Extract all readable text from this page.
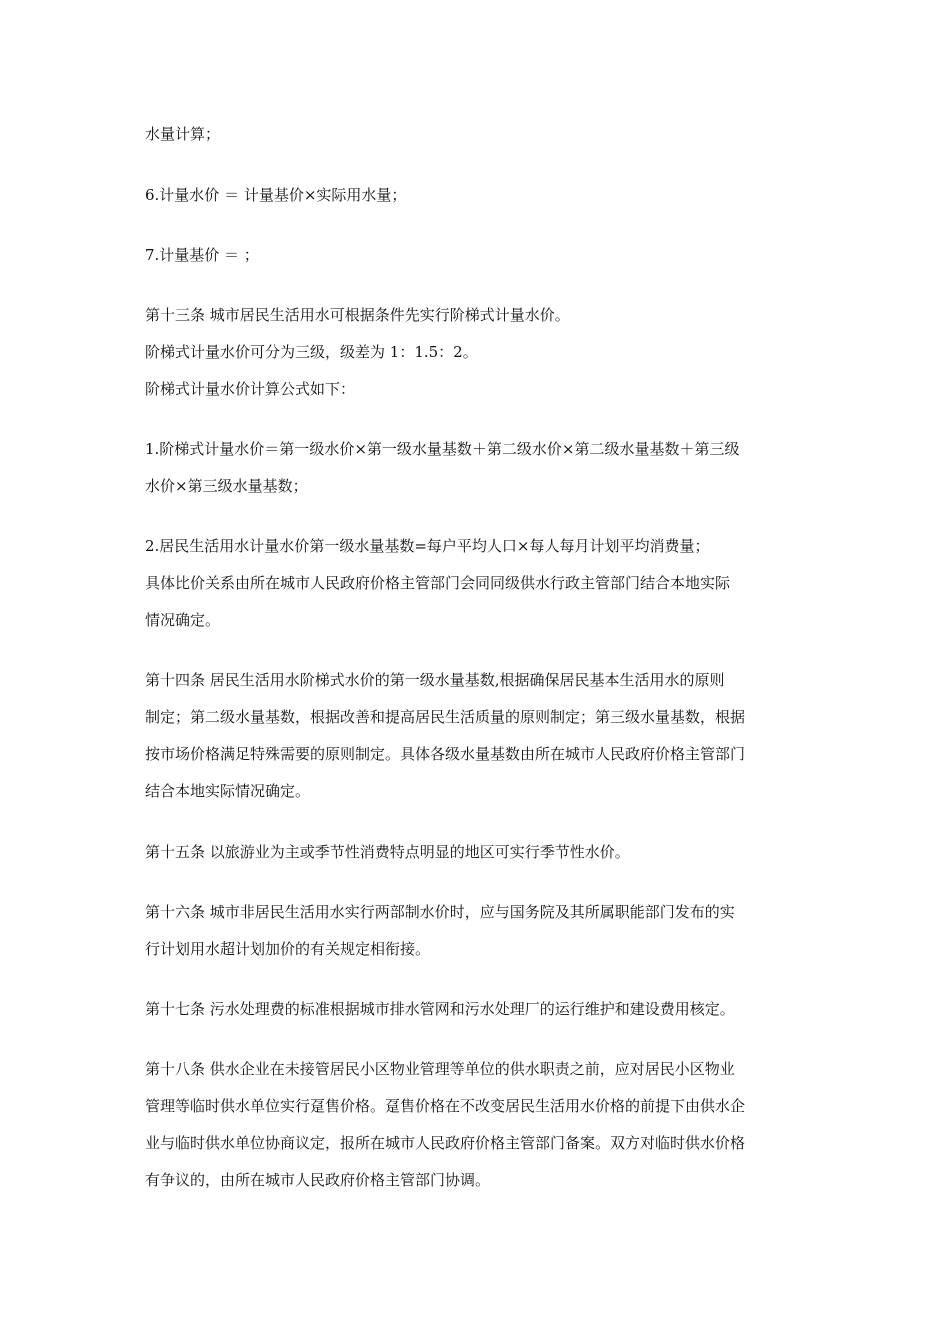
水量计算；
6.计量水价 ＝ 计量基价×实际用水量；
7.计量基价 ＝ ；
第十三条 城市居民生活用水可根据条件先实行阶梯式计量水价。
阶梯式计量水价可分为三级，级差为 1：1.5：2。
阶梯式计量水价计算公式如下：
1.阶梯式计量水价＝第一级水价×第一级水量基数＋第二级水价×第二级水量基数＋第三级
水价×第三级水量基数；
2.居民生活用水计量水价第一级水量基数=每户平均人口×每人每月计划平均消费量；
具体比价关系由所在城市人民政府价格主管部门会同同级供水行政主管部门结合本地实际
情况确定。
第十四条 居民生活用水阶梯式水价的第一级水量基数,根据确保居民基本生活用水的原则
制定；第二级水量基数，根据改善和提高居民生活质量的原则制定；第三级水量基数，根据
按市场价格满足特殊需要的原则制定。具体各级水量基数由所在城市人民政府价格主管部门
结合本地实际情况确定。
第十五条 以旅游业为主或季节性消费特点明显的地区可实行季节性水价。
第十六条 城市非居民生活用水实行两部制水价时，应与国务院及其所属职能部门发布的实
行计划用水超计划加价的有关规定相衔接。
第十七条 污水处理费的标准根据城市排水管网和污水处理厂的运行维护和建设费用核定。
第十八条 供水企业在未接管居民小区物业管理等单位的供水职责之前，应对居民小区物业
管理等临时供水单位实行趸售价格。趸售价格在不改变居民生活用水价格的前提下由供水企
业与临时供水单位协商议定，报所在城市人民政府价格主管部门备案。双方对临时供水价格
有争议的，由所在城市人民政府价格主管部门协调。
